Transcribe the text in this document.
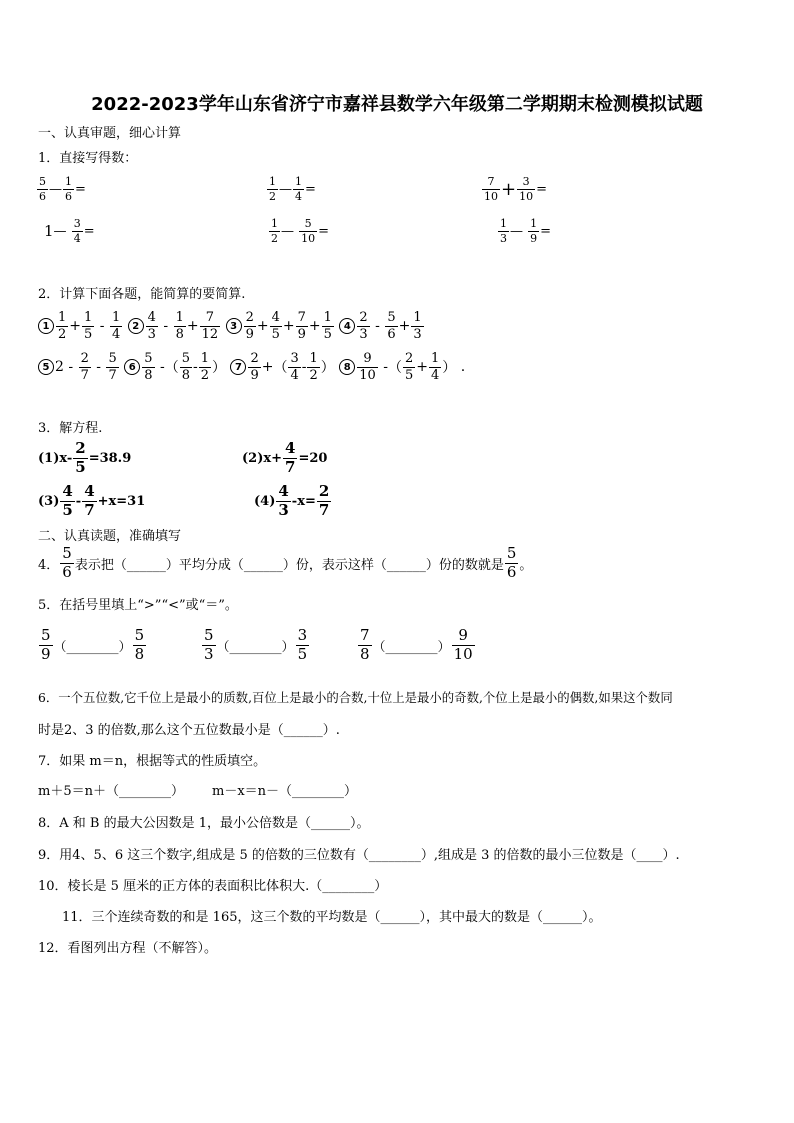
2022-2023学年山东省济宁市嘉祥县数学六年级第二学期期末检测模拟试题
一、认真审题，细心计算
1．直接写得数：
$\frac{5}{6}$ — $\frac{1}{6}$ =	$\frac{1}{2}$ — $\frac{1}{4}$ =	$\frac{7}{10} + \frac{3}{10}$ =
1— $\frac{3}{4}$ =	$\frac{1}{2}$ — $\frac{5}{10}$ =	$\frac{1}{3}$ — $\frac{1}{9}$ =
2．计算下面各题，能简算的要简算.
$1 \frac{1}{2} + \frac{1}{5} - \frac{1}{4} 2 \frac{4}{3} - \frac{1}{8} + \frac{7}{12} 3 \frac{2}{9} + \frac{4}{5} + \frac{7}{9} + \frac{1}{5} 4 \frac{2}{3} - \frac{5}{6} + \frac{1}{3}$
5 $2 - \frac{2}{7} - \frac{5}{7} 6 \frac{5}{8}$ -（ $\frac{5}{8} - \frac{1}{2}$ ） $7 \frac{2}{9}$ +（ $\frac{3}{4} - \frac{1}{2}$ ） $8 \frac{9}{10}$ -（ $\frac{2}{5} + \frac{1}{4}$ ） .
3．解方程.
$(1)x- \frac{2}{5} =38.9$	$(2)x+ \frac{4}{7} =20$
$(3) \frac{4}{5} - \frac{4}{7} +x=31$	$(4) \frac{4}{3} -x= \frac{2}{7}$
二、认真读题，准确填写
4． $\frac{5}{6}$ 表示把（______）平均分成（______）份，表示这样（______）份的数就是 $\frac{5}{6}$ 。
5．在括号里填上“>”“<”或“＝”。
$\frac{5}{9}$ （________） $\frac{5}{8}$	$\frac{5}{3}$ （________） $\frac{3}{5}$	$\frac{7}{8}$ （________） $\frac{9}{10}$
6．一个五位数,它千位上是最小的质数,百位上是最小的合数,十位上是最小的奇数,个位上是最小的偶数,如果这个数同
时是2、3 的倍数,那么这个五位数最小是（______）.
7．如果 m＝n，根据等式的性质填空。
m＋5＝n＋（________） m－x＝n－（________）
8．A 和 B 的最大公因数是 1，最小公倍数是（______）。
9．用4、5、6 这三个数字,组成是 5 的倍数的三位数有（________）,组成是 3 的倍数的最小三位数是（____）.
10．棱长是 5 厘米的正方体的表面积比体积大.（________）
11．三个连续奇数的和是 165，这三个数的平均数是（______），其中最大的数是（______）。
12．看图列出方程（不解答）。
